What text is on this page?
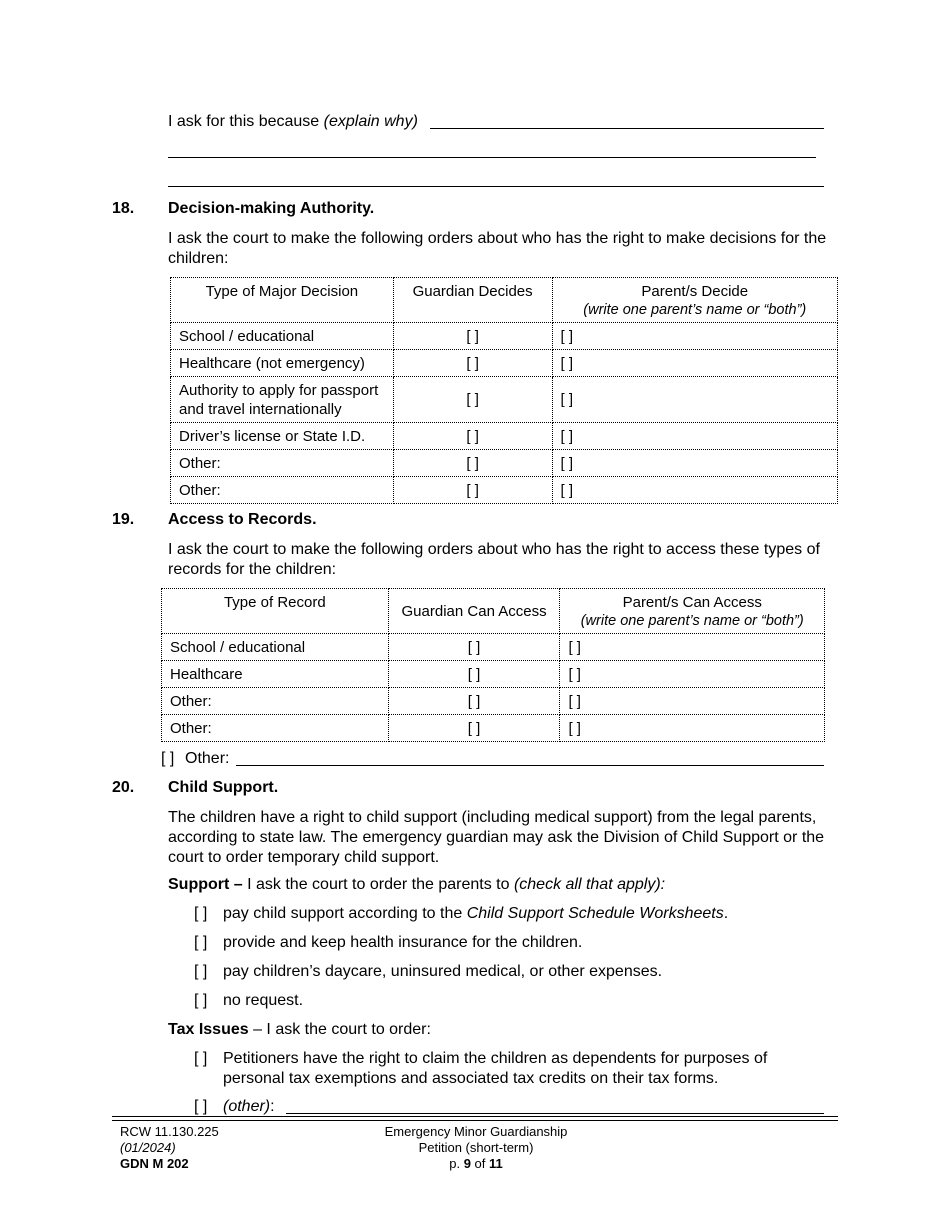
I ask for this because (explain why)
18. Decision-making Authority.
I ask the court to make the following orders about who has the right to make decisions for the children:
Type of Major Decision	Guardian Decides	Parent/s Decide
(write one parent’s name or “both”)

School / educational	[ ]	[ ]
Healthcare (not emergency)	[ ]	[ ]

Authority to apply for passport
and travel internationally	[ ]	[ ]
Driver’s license or State I.D.	[ ]	[ ]
Other:	[ ]	[ ]
Other:	[ ]	[ ]
19. Access to Records.
I ask the court to make the following orders about who has the right to access these types of records for the children:
Type of Record	Guardian Can Access	Parent/s Can Access
(write one parent’s name or “both”)

School / educational	[ ]	[ ]
Healthcare	[ ]	[ ]
Other:	[ ]	[ ]
Other:	[ ]	[ ]
[ ] Other:
20. Child Support.
The children have a right to child support (including medical support) from the legal parents, according to state law. The emergency guardian may ask the Division of Child Support or the court to order temporary child support.
Support – I ask the court to order the parents to (check all that apply):
[ ] pay child support according to the Child Support Schedule Worksheets.
[ ] provide and keep health insurance for the children.
[ ] pay children’s daycare, uninsured medical, or other expenses.
[ ] no request.
Tax Issues – I ask the court to order:
[ ] Petitioners have the right to claim the children as dependents for purposes of
personal tax exemptions and associated tax credits on their tax forms.
[ ] (other):
RCW 11.130.225
(01/2024)
GDN M 202
Emergency Minor Guardianship
Petition (short-term)
p. 9 of 11
